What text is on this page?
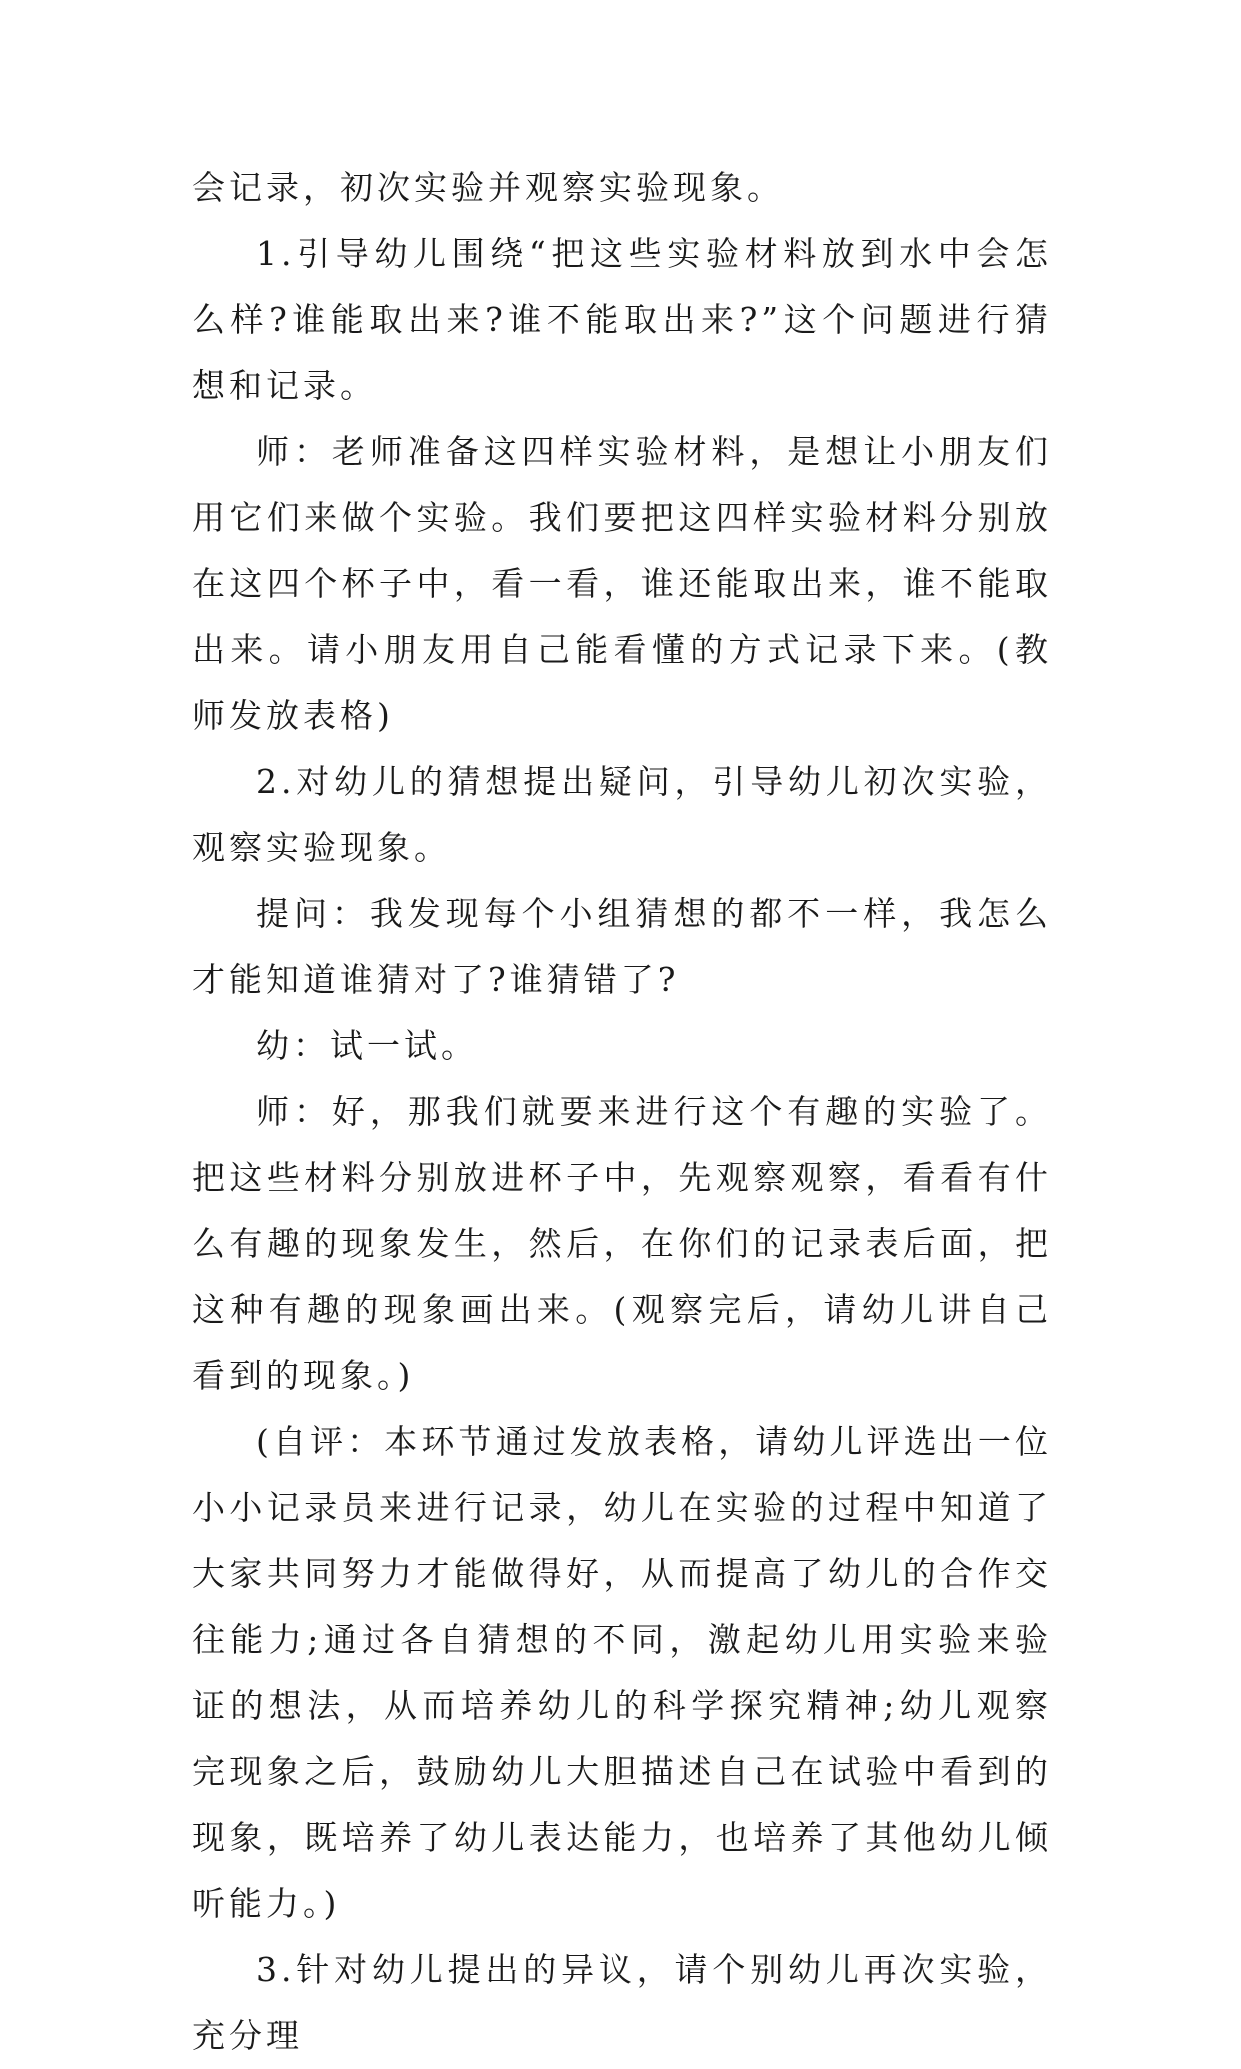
会记录，初次实验并观察实验现象。

1.引导幼儿围绕“把这些实验材料放到水中会怎么样?谁能取出来?谁不能取出来?”这个问题进行猜想和记录。

师：老师准备这四样实验材料，是想让小朋友们用它们来做个实验。我们要把这四样实验材料分别放在这四个杯子中，看一看，谁还能取出来，谁不能取出来。请小朋友用自己能看懂的方式记录下来。(教师发放表格)

2.对幼儿的猜想提出疑问，引导幼儿初次实验，观察实验现象。

提问：我发现每个小组猜想的都不一样，我怎么才能知道谁猜对了?谁猜错了?

幼：试一试。

师：好，那我们就要来进行这个有趣的实验了。把这些材料分别放进杯子中，先观察观察，看看有什么有趣的现象发生，然后，在你们的记录表后面，把这种有趣的现象画出来。(观察完后，请幼儿讲自己看到的现象。)

(自评：本环节通过发放表格，请幼儿评选出一位小小记录员来进行记录，幼儿在实验的过程中知道了大家共同努力才能做得好，从而提高了幼儿的合作交往能力;通过各自猜想的不同，激起幼儿用实验来验证的想法，从而培养幼儿的科学探究精神;幼儿观察完现象之后，鼓励幼儿大胆描述自己在试验中看到的现象，既培养了幼儿表达能力，也培养了其他幼儿倾听能力。)

3.针对幼儿提出的异议，请个别幼儿再次实验，充分理
